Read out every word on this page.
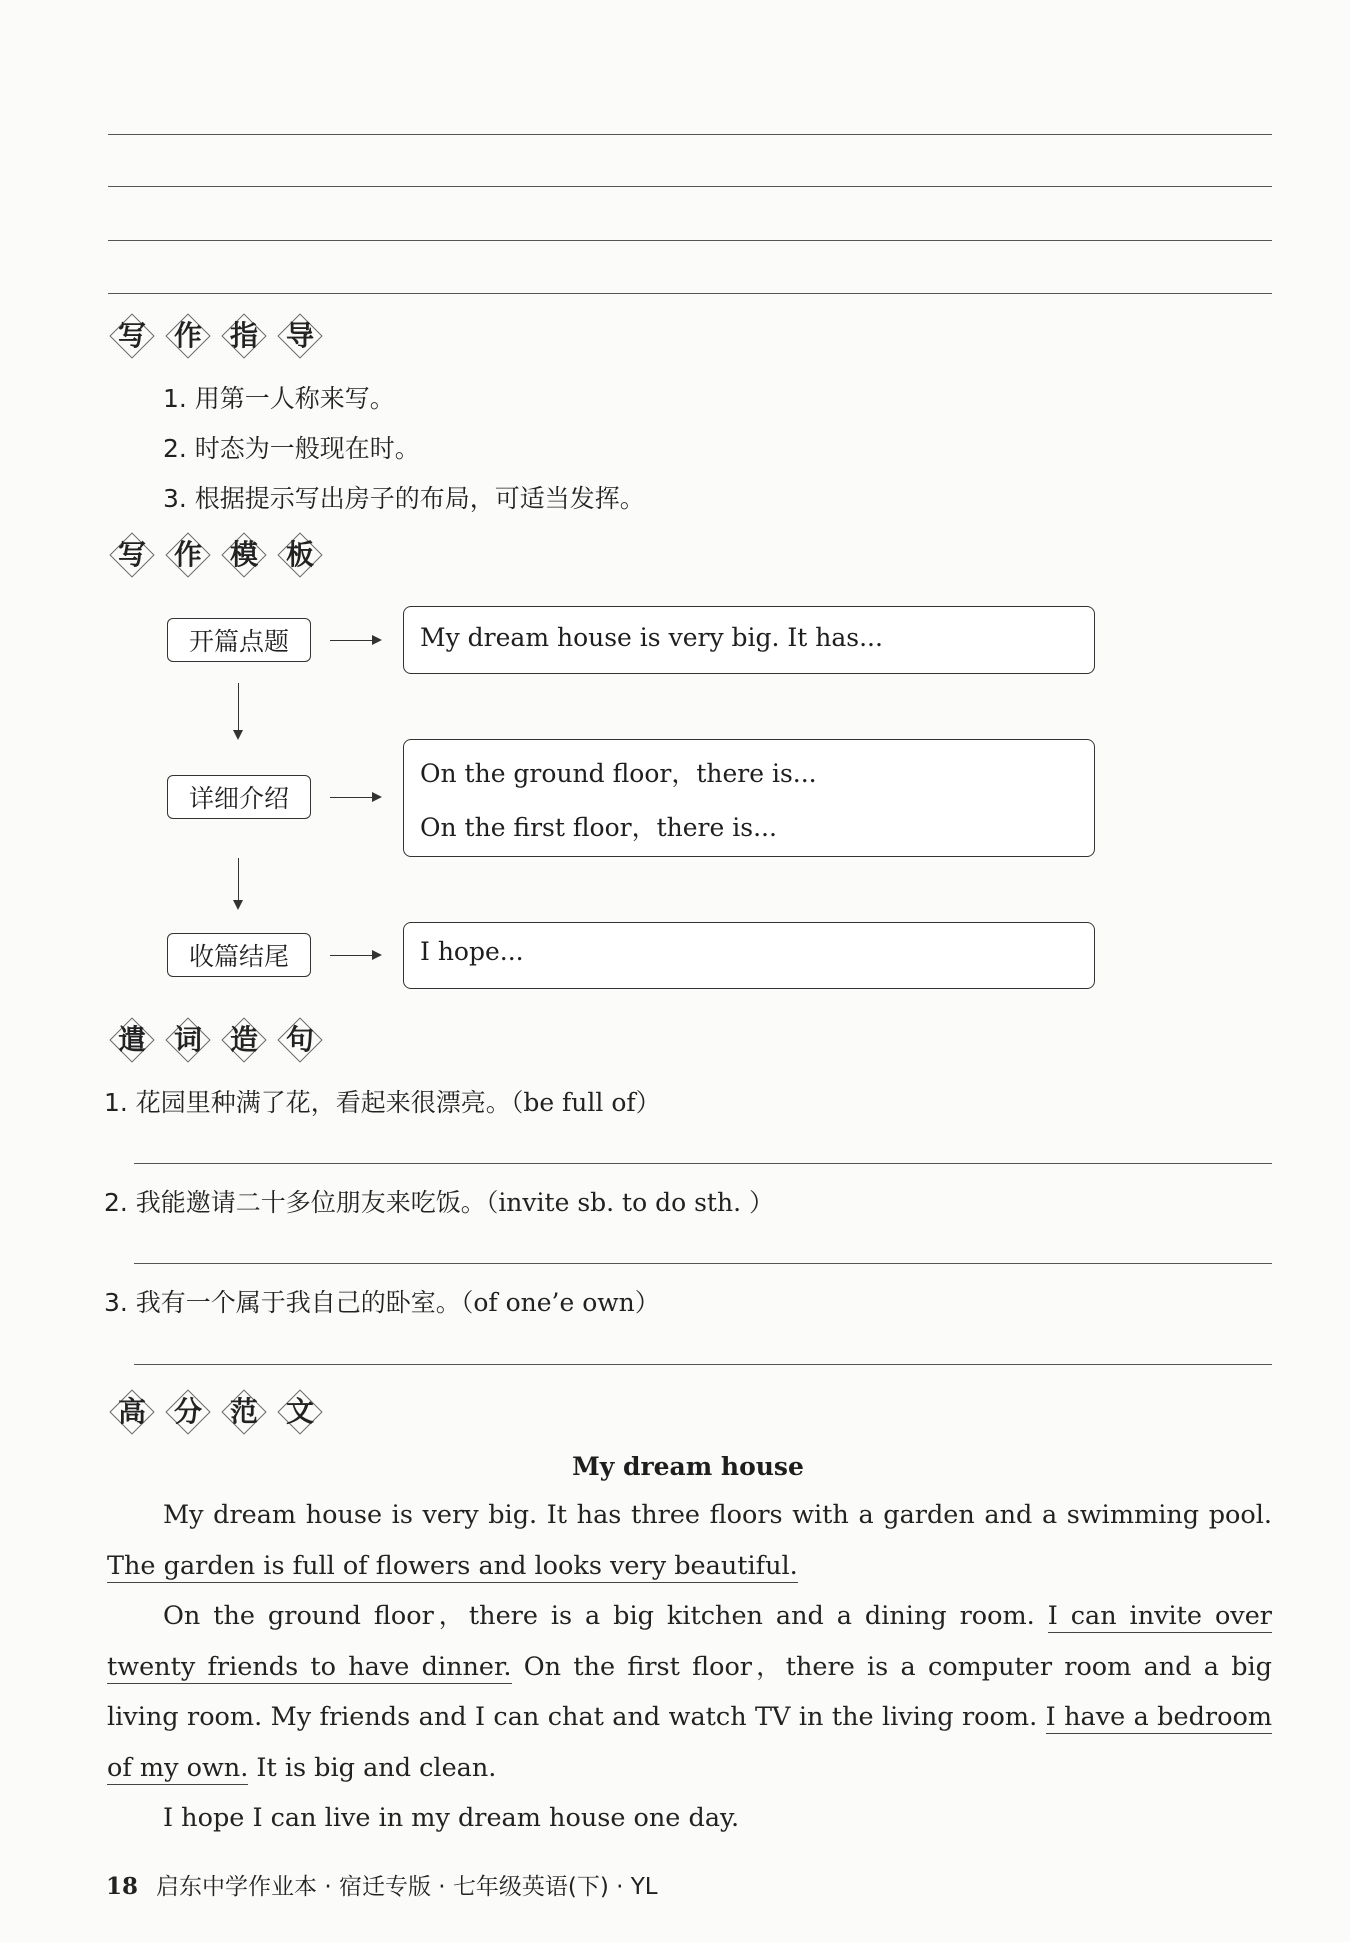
写 作 指 导
1. 用第一人称来写。
2. 时态为一般现在时。
3. 根据提示写出房子的布局，可适当发挥。
写 作 模 板
开篇点题	My dream house is very big. It has...
详细介绍
On the ground floor，there is...
On the first floor，there is...
收篇结尾	I hope...
遣 词 造 句
1. 花园里种满了花，看起来很漂亮。（be full of）
2. 我能邀请二十多位朋友来吃饭。（invite sb. to do sth. ）
3. 我有一个属于我自己的卧室。（of one’e own）
高 分 范 文
My dream house

My dream house is very big. It has three floors with a garden and a swimming pool. The garden is full of flowers and looks very beautiful.

On the ground floor，there is a big kitchen and a dining room. I can invite over twenty friends to have dinner. On the first floor，there is a computer room and a big living room. My friends and I can chat and watch TV in the living room. I have a bedroom of my own. It is big and clean.

I hope I can live in my dream house one day.

18 启东中学作业本 · 宿迁专版 · 七年级英语(下) · YL
